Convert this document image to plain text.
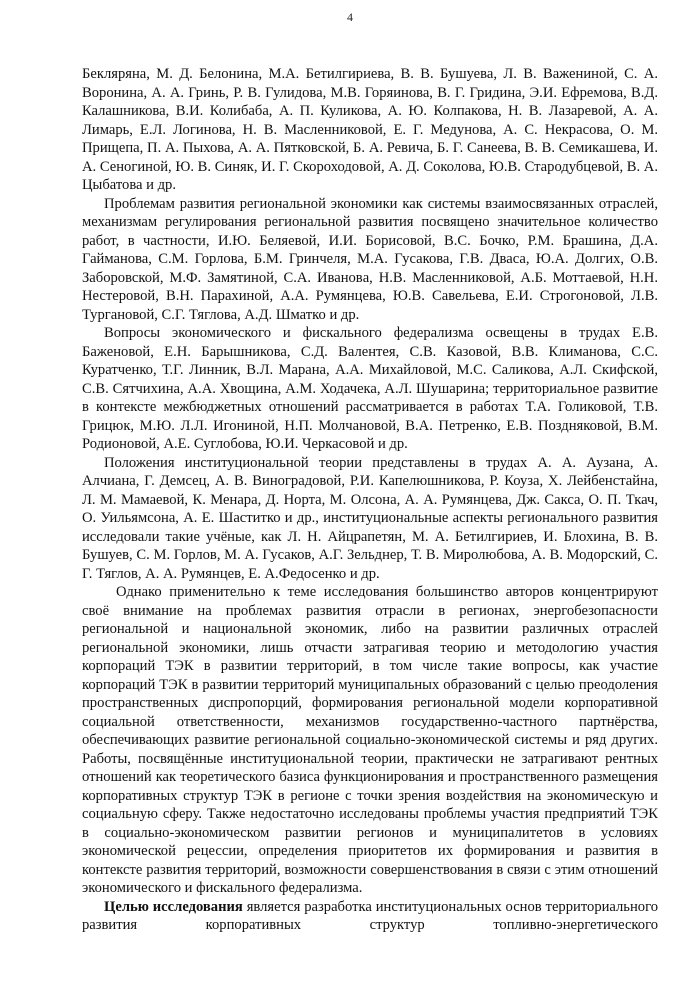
4

Бекляряна, М. Д. Белонина, М.А. Бетилгириева, В. В. Бушуева, Л. В. Важениной, С. А. Воронина, А. А. Гринь, Р. В. Гулидова, М.В. Горяинова, В. Г. Гридина, Э.И. Ефремова, В.Д. Калашникова, В.И. Колибаба, А. П. Куликова, А. Ю. Колпакова, Н. В. Лазаревой, А. А. Лимарь, Е.Л. Логинова, Н. В. Масленниковой, Е. Г. Медунова, А. С. Некрасова, О. М. Прищепа, П. А. Пыхова, А. А. Пятковской, Б. А. Ревича, Б. Г. Санеева, В. В. Семикашева, И. А. Сеногиной, Ю. В. Синяк, И. Г. Скороходовой, А. Д. Соколова, Ю.В. Стародубцевой, В. А. Цыбатова и др.

Проблемам развития региональной экономики как системы взаимосвязанных отраслей, механизмам регулирования региональной развития посвящено значительное количество работ, в частности, И.Ю. Беляевой, И.И. Борисовой, В.С. Бочко, Р.М. Брашина, Д.А. Гайманова, С.М. Горлова, Б.М. Гринчеля, М.А. Гусакова, Г.В. Дваса, Ю.А. Долгих, О.В. Заборовской, М.Ф. Замятиной, С.А. Ивановa, Н.В. Масленниковой, А.Б. Моттаевой, Н.Н. Нестеровой, В.Н. Парахиной, А.А. Румянцева, Ю.В. Савельева, Е.И. Строгоновой, Л.В. Тургановой, С.Г. Тяглова, А.Д. Шматко и др.

Вопросы экономического и фискального федерализма освещены в трудах Е.В. Баженовой, Е.Н. Барышникова, С.Д. Валентея, С.В. Казовой, В.В. Климанова, С.С. Куратченко, Т.Г. Линник, В.Л. Марана, А.А. Михайловой, М.С. Саликова, А.Л. Скифской, С.В. Сятчихина, А.А. Хвощина, А.М. Ходачека, А.Л. Шушарина; территориальное развитие в контексте межбюджетных отношений рассматривается в работах Т.А. Голиковой, Т.В. Грицюк, М.Ю. Л.Л. Игониной, Н.П. Молчановой, В.А. Петренко, Е.В. Поздняковой, В.М. Родионовой, А.Е. Суглобова, Ю.И. Черкасовой и др.

Положения институциональной теории представлены в трудах А. А. Аузана, А. Алчиана, Г. Демсец, А. В. Виноградовой, Р.И. Капелюшникова, Р. Коуза, Х. Лейбенстайна, Л. М. Мамаевой, К. Менара, Д. Норта, М. Олсона, А. А. Румянцева, Дж. Сакса, О. П. Ткач, О. Уильямсона, А. Е. Шаститко и др., институциональные аспекты регионального развития исследовали такие учёные, как Л. Н. Айцрапетян, М. А. Бетилгириев, И. Блохина, В. В. Бушуев, С. М. Горлов, М. А. Гусаков, А.Г. Зельднер, Т. В. Миролюбова, А. В. Модорский, С. Г. Тяглов, А. А. Румянцев, Е. А.Федосенко и др.

Однако применительно к теме исследования большинство авторов концентрируют своё внимание на проблемах развития отрасли в регионах, энергобезопасности региональной и национальной экономик, либо на развитии различных отраслей региональной экономики, лишь отчасти затрагивая теорию и методологию участия корпораций ТЭК в развитии территорий, в том числе такие вопросы, как участие корпораций ТЭК в развитии территорий муниципальных образований с целью преодоления пространственных диспропорций, формирования региональной модели корпоративной социальной ответственности, механизмов государственно-частного партнёрства, обеспечивающих развитие региональной социально-экономической системы и ряд других. Работы, посвящённые институциональной теории, практически не затрагивают рентных отношений как теоретического базиса функционирования и пространственного размещения корпоративных структур ТЭК в регионе с точки зрения воздействия на экономическую и социальную сферу. Также недостаточно исследованы проблемы участия предприятий ТЭК в социально-экономическом развитии регионов и муниципалитетов в условиях экономической рецессии, определения приоритетов их формирования и развития в контексте развития территорий, возможности совершенствования в связи с этим отношений экономического и фискального федерализма.

Целью исследования является разработка институциональных основ территориального развития корпоративных структур топливно-энергетического
